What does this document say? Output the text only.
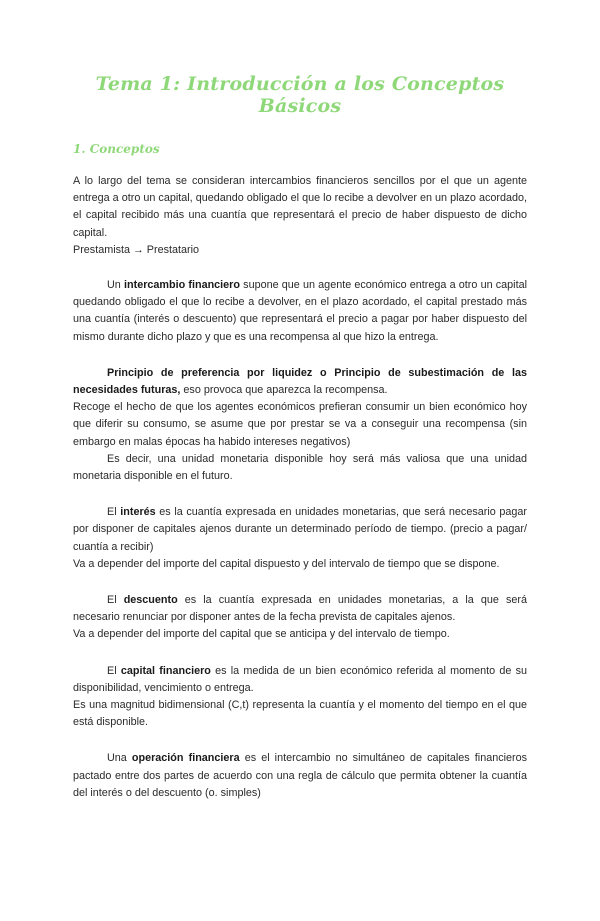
Tema 1: Introducción a los Conceptos Básicos
1. Conceptos

A lo largo del tema se consideran intercambios financieros sencillos por el que un agente entrega a otro un capital, quedando obligado el que lo recibe a devolver en un plazo acordado, el capital recibido más una cuantía que representará el precio de haber dispuesto de dicho capital.

Prestamista → Prestatario

Un intercambio financiero supone que un agente económico entrega a otro un capital quedando obligado el que lo recibe a devolver, en el plazo acordado, el capital prestado más una cuantía (interés o descuento) que representará el precio a pagar por haber dispuesto del mismo durante dicho plazo y que es una recompensa al que hizo la entrega.

Principio de preferencia por liquidez o Principio de subestimación de las necesidades futuras, eso provoca que aparezca la recompensa.

Recoge el hecho de que los agentes económicos prefieran consumir un bien económico hoy que diferir su consumo, se asume que por prestar se va a conseguir una recompensa (sin embargo en malas épocas ha habido intereses negativos)

Es decir, una unidad monetaria disponible hoy será más valiosa que una unidad monetaria disponible en el futuro.

El interés es la cuantía expresada en unidades monetarias, que será necesario pagar por disponer de capitales ajenos durante un determinado período de tiempo. (precio a pagar/ cuantía a recibir)

Va a depender del importe del capital dispuesto y del intervalo de tiempo que se dispone.

El descuento es la cuantía expresada en unidades monetarias, a la que será necesario renunciar por disponer antes de la fecha prevista de capitales ajenos.

Va a depender del importe del capital que se anticipa y del intervalo de tiempo.

El capital financiero es la medida de un bien económico referida al momento de su disponibilidad, vencimiento o entrega.

Es una magnitud bidimensional (C,t) representa la cuantía y el momento del tiempo en el que está disponible.

Una operación financiera es el intercambio no simultáneo de capitales financieros pactado entre dos partes de acuerdo con una regla de cálculo que permita obtener la cuantía del interés o del descuento (o. simples)
